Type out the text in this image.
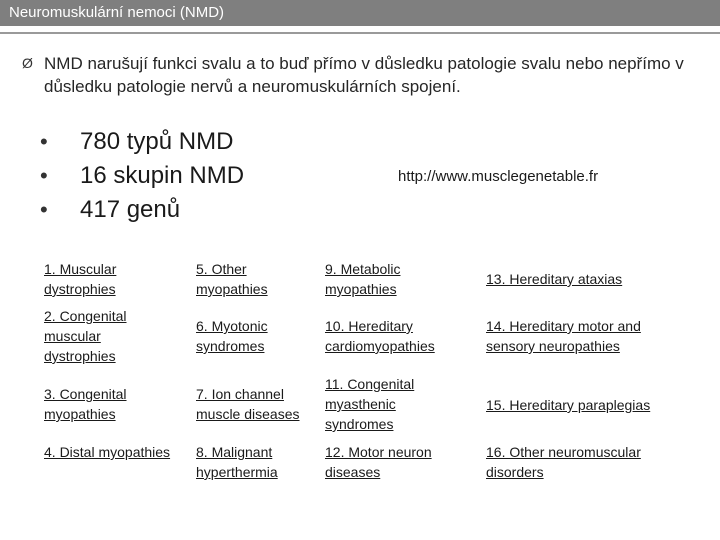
Neuromuskulární nemoci (NMD)
Ø NMD narušují funkci svalu a to buď přímo v důsledku patologie svalu nebo nepřímo v důsledku patologie nervů a neuromuskulárních spojení.
• 780 typů NMD
• 16 skupin NMD
• 417 genů
http://www.musclegenetable.fr
1. Muscular dystrophies
2. Congenital muscular dystrophies
3. Congenital myopathies
4. Distal myopathies
5. Other myopathies
6. Myotonic syndromes
7. Ion channel muscle diseases
8. Malignant hyperthermia
9. Metabolic myopathies
10. Hereditary cardiomyopathies
11. Congenital myasthenic syndromes
12. Motor neuron diseases
13. Hereditary ataxias
14. Hereditary motor and sensory neuropathies
15. Hereditary paraplegias
16. Other neuromuscular disorders
